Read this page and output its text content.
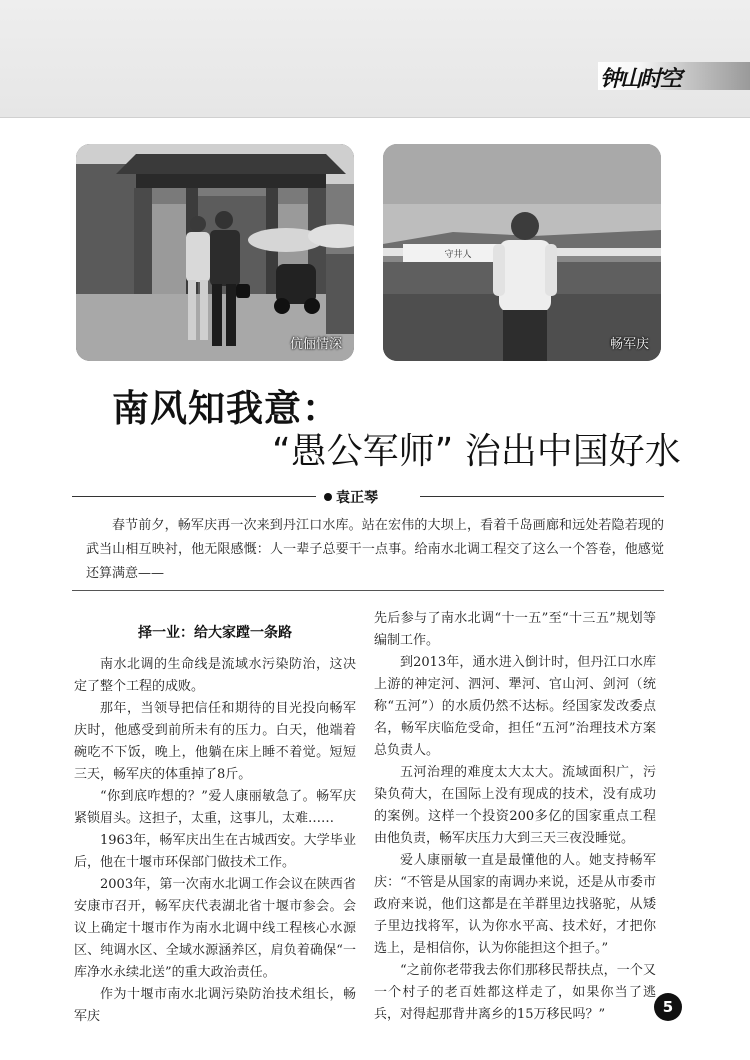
钟山时空
伉俪情深
守井人
畅军庆
南风知我意：
“愚公军师” 治出中国好水
袁正琴

春节前夕，畅军庆再一次来到丹江口水库。站在宏伟的大坝上，看着千岛画廊和远处若隐若现的武当山相互映衬，他无限感慨：人一辈子总要干一点事。给南水北调工程交了这么一个答卷，他感觉还算满意——

择一业：给大家蹚一条路

南水北调的生命线是流域水污染防治，这决定了整个工程的成败。

那年，当领导把信任和期待的目光投向畅军庆时，他感受到前所未有的压力。白天，他端着碗吃不下饭，晚上，他躺在床上睡不着觉。短短三天，畅军庆的体重掉了8斤。

“你到底咋想的？”爱人康丽敏急了。畅军庆紧锁眉头。这担子，太重，这事儿，太难……

1963年，畅军庆出生在古城西安。大学毕业后，他在十堰市环保部门做技术工作。

2003年，第一次南水北调工作会议在陕西省安康市召开，畅军庆代表湖北省十堰市参会。会议上确定十堰市作为南水北调中线工程核心水源区、纯调水区、全域水源涵养区，肩负着确保“一库净水永续北送”的重大政治责任。

作为十堰市南水北调污染防治技术组长，畅军庆

先后参与了南水北调“十一五”至“十三五”规划等编制工作。

到2013年，通水进入倒计时，但丹江口水库上游的神定河、泗河、犟河、官山河、剑河（统称“五河”）的水质仍然不达标。经国家发改委点名，畅军庆临危受命，担任“五河”治理技术方案总负责人。

五河治理的难度太大太大。流域面积广，污染负荷大，在国际上没有现成的技术，没有成功的案例。这样一个投资200多亿的国家重点工程由他负责，畅军庆压力大到三天三夜没睡觉。

爱人康丽敏一直是最懂他的人。她支持畅军庆：“不管是从国家的南调办来说，还是从市委市政府来说，他们这都是在羊群里边找骆驼，从矮子里边找将军，认为你水平高、技术好，才把你选上，是相信你，认为你能担这个担子。”

“之前你老带我去你们那移民帮扶点，一个又一个村子的老百姓都这样走了，如果你当了逃兵，对得起那背井离乡的15万移民吗？”	5
